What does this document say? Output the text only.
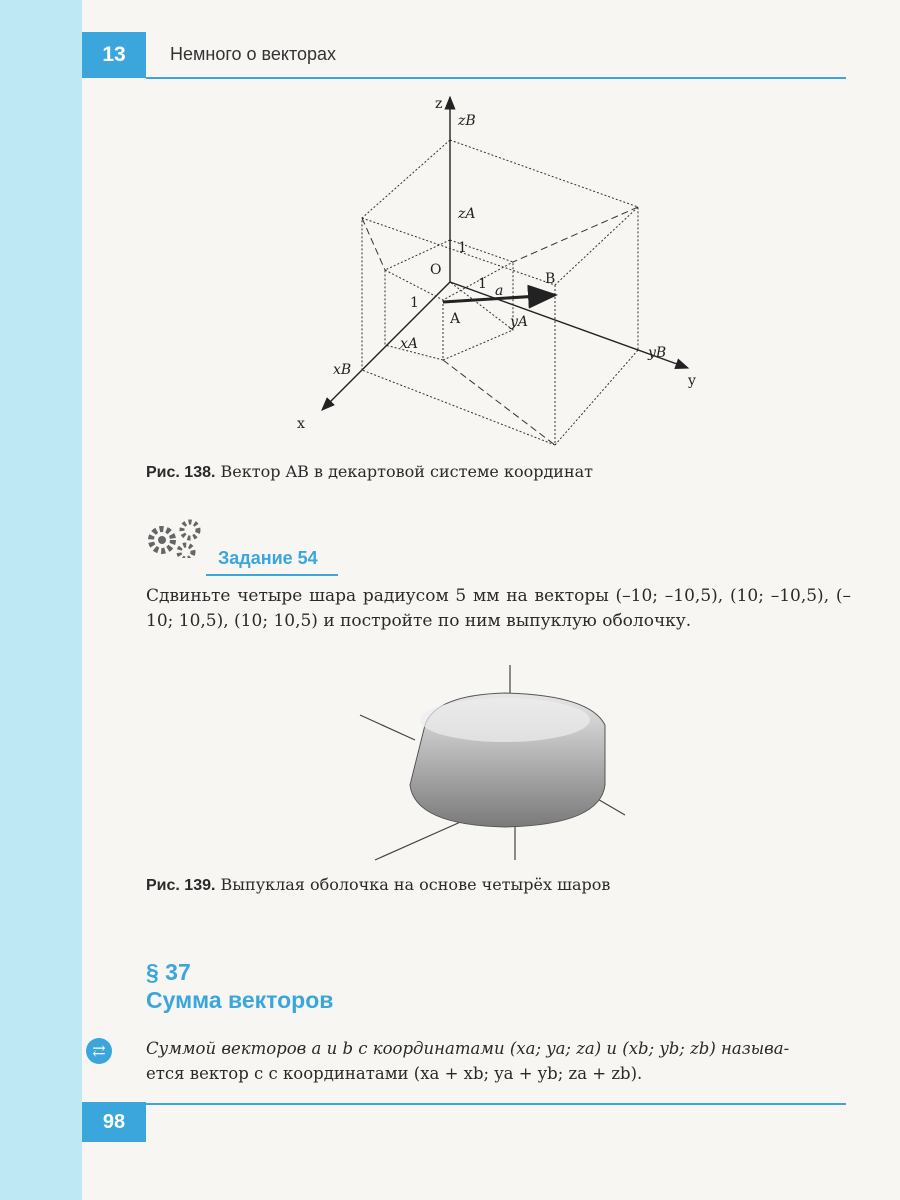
13	Немного о векторах
z
y
x
O
A
B
a
zB
zA
yA
yB
xA
xB
1
1
1
Рис. 138. Вектор AB в декартовой системе координат
Задание 54
Сдвиньте четыре шара радиусом 5 мм на векторы (–10; –10,5), (10; –10,5), (–10; 10,5), (10; 10,5) и постройте по ним выпуклую оболочку.
Рис. 139. Выпуклая оболочка на основе четырёх шаров
§ 37
Сумма векторов
⇄	Суммой векторов a и b с координатами (xa; ya; za) и (xb; yb; zb) называ-
ется вектор c с координатами (xa + xb; ya + yb; za + zb).
98
